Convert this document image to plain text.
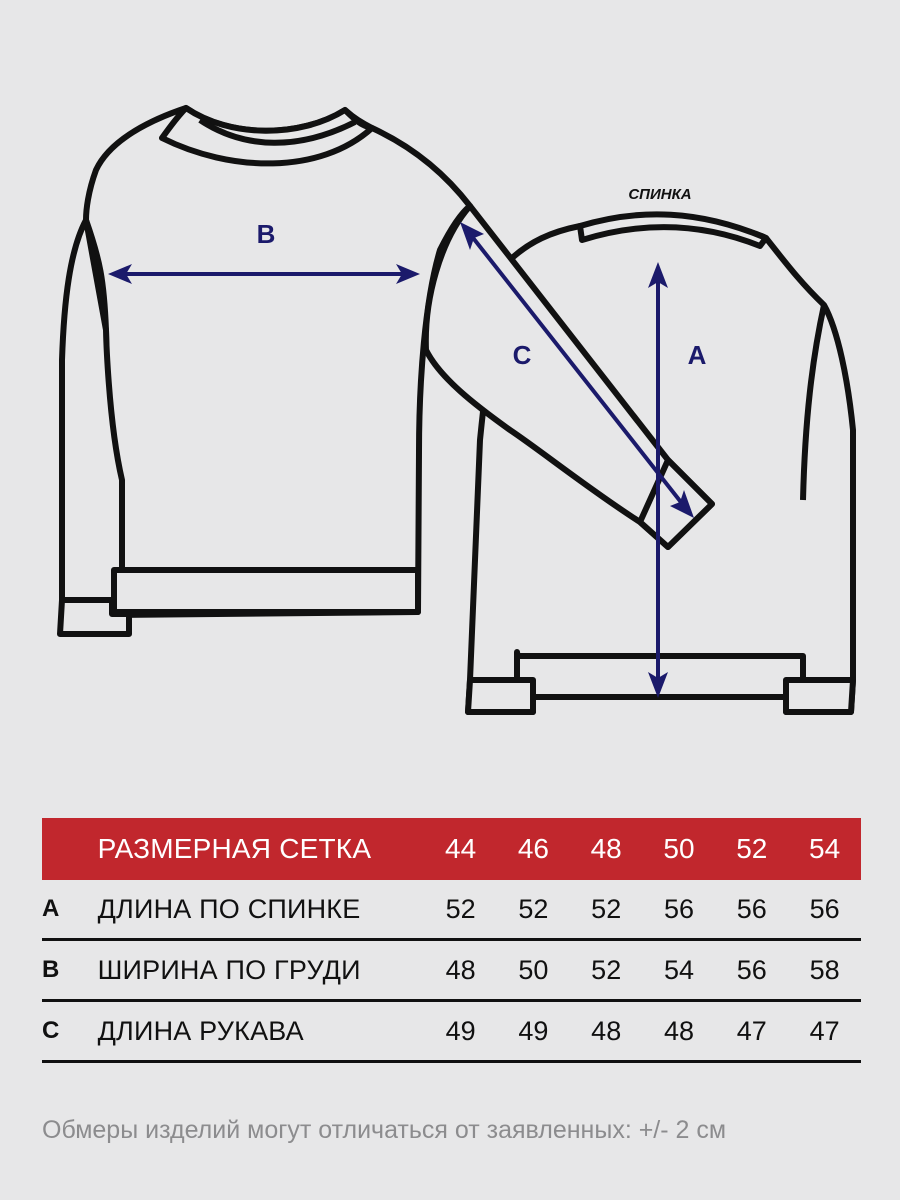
СПИНКА
B
C	A
РАЗМЕРНАЯ СЕТКА	44	46	48	50	52	54
A	ДЛИНА ПО СПИНКЕ	52	52	52	56	56	56
B	ШИРИНА ПО ГРУДИ	48	50	52	54	56	58
C	ДЛИНА РУКАВА	49	49	48	48	47	47
Обмеры изделий могут отличаться от заявленных: +/- 2 см
